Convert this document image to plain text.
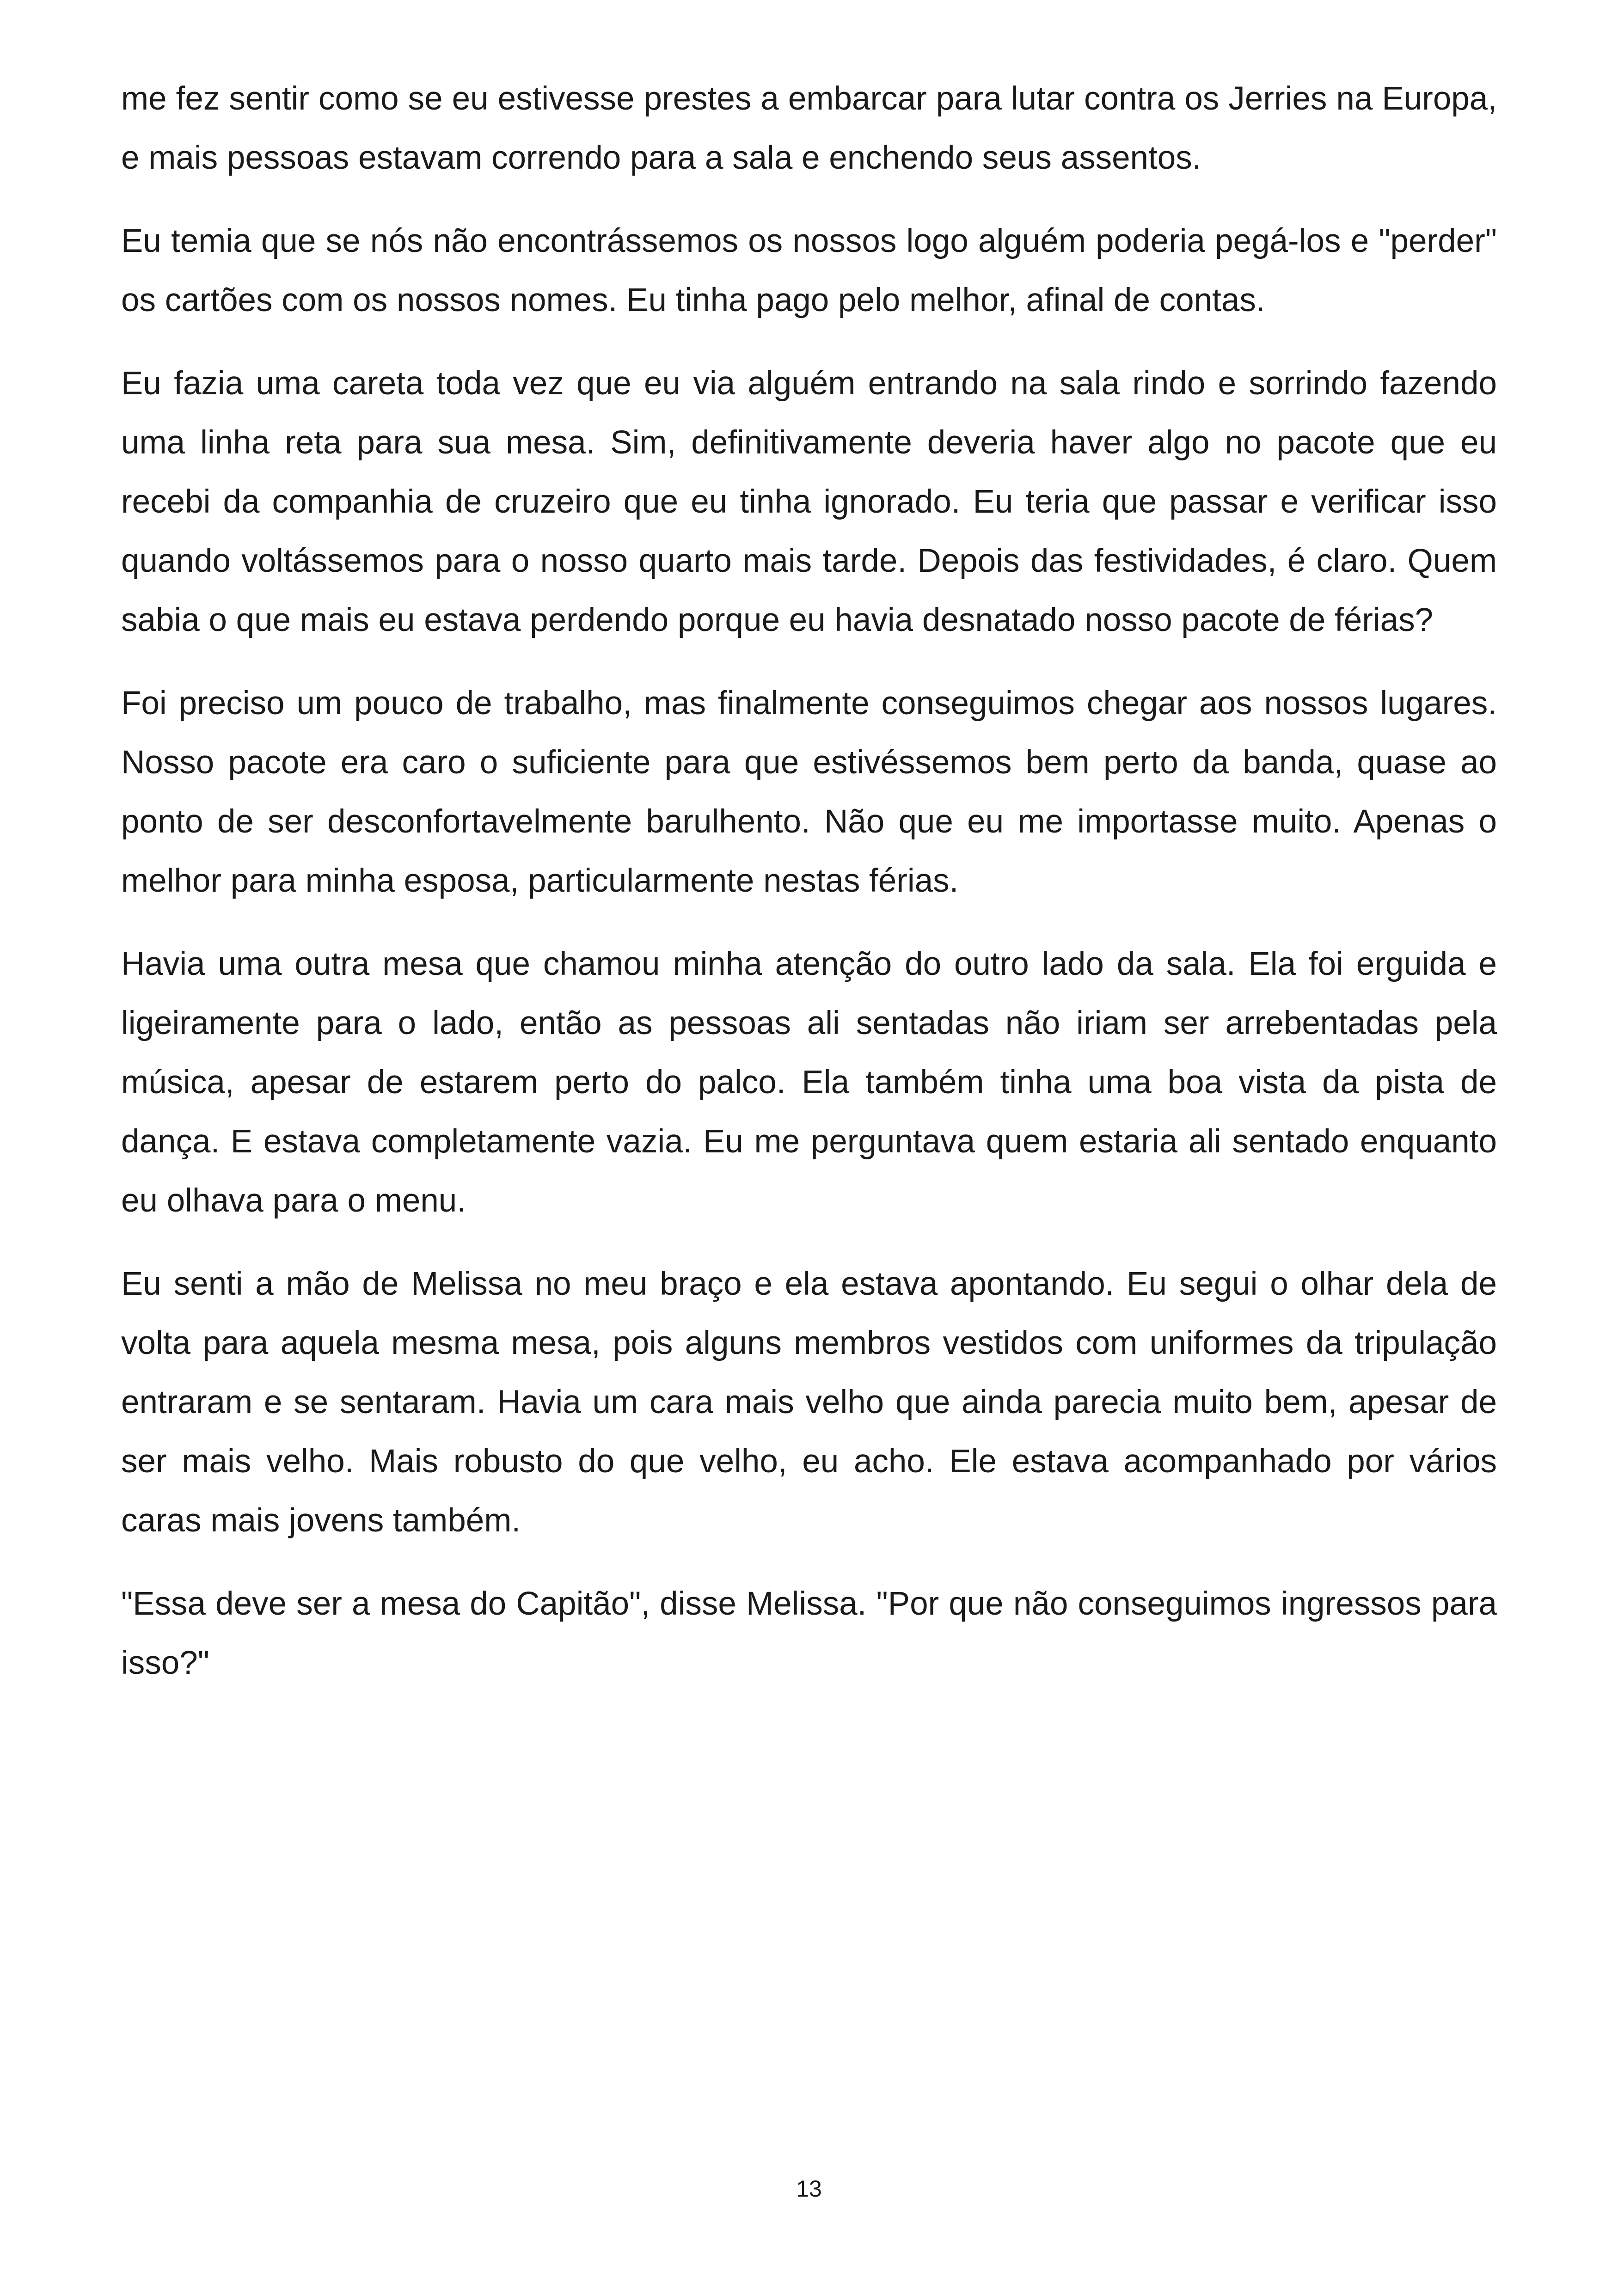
me fez sentir como se eu estivesse prestes a embarcar para lutar contra os Jerries na Europa, e mais pessoas estavam correndo para a sala e enchendo seus assentos.

Eu temia que se nós não encontrássemos os nossos logo alguém poderia pegá-los e "perder" os cartões com os nossos nomes. Eu tinha pago pelo melhor, afinal de contas.

Eu fazia uma careta toda vez que eu via alguém entrando na sala rindo e sorrindo fazendo uma linha reta para sua mesa. Sim, definitivamente deveria haver algo no pacote que eu recebi da companhia de cruzeiro que eu tinha ignorado. Eu teria que passar e verificar isso quando voltássemos para o nosso quarto mais tarde. Depois das festividades, é claro. Quem sabia o que mais eu estava perdendo porque eu havia desnatado nosso pacote de férias?

Foi preciso um pouco de trabalho, mas finalmente conseguimos chegar aos nossos lugares. Nosso pacote era caro o suficiente para que estivéssemos bem perto da banda, quase ao ponto de ser desconfortavelmente barulhento. Não que eu me importasse muito. Apenas o melhor para minha esposa, particularmente nestas férias.

Havia uma outra mesa que chamou minha atenção do outro lado da sala. Ela foi erguida e ligeiramente para o lado, então as pessoas ali sentadas não iriam ser arrebentadas pela música, apesar de estarem perto do palco. Ela também tinha uma boa vista da pista de dança. E estava completamente vazia. Eu me perguntava quem estaria ali sentado enquanto eu olhava para o menu.

Eu senti a mão de Melissa no meu braço e ela estava apontando. Eu segui o olhar dela de volta para aquela mesma mesa, pois alguns membros vestidos com uniformes da tripulação entraram e se sentaram. Havia um cara mais velho que ainda parecia muito bem, apesar de ser mais velho. Mais robusto do que velho, eu acho. Ele estava acompanhado por vários caras mais jovens também.

"Essa deve ser a mesa do Capitão", disse Melissa. "Por que não conseguimos ingressos para isso?"

13
